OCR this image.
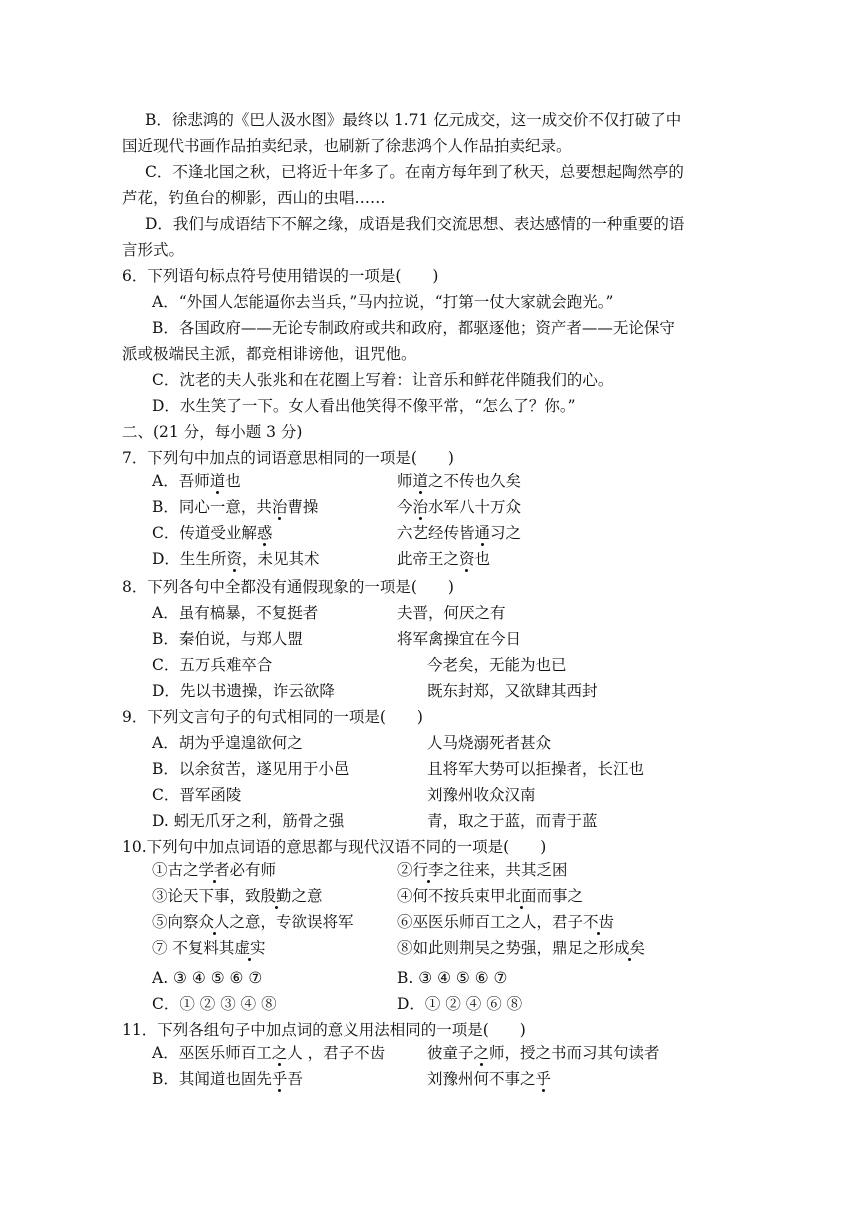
B．徐悲鸿的《巴人汲水图》最终以 1.71 亿元成交，这一成交价不仅打破了中
国近现代书画作品拍卖纪录，也刷新了徐悲鸿个人作品拍卖纪录。
C．不逢北国之秋，已将近十年多了。在南方每年到了秋天，总要想起陶然亭的
芦花，钓鱼台的柳影，西山的虫唱……
D．我们与成语结下不解之缘，成语是我们交流思想、表达感情的一种重要的语
言形式。
6．下列语句标点符号使用错误的一项是(　　)
A．“外国人怎能逼你去当兵，”马内拉说，“打第一仗大家就会跑光。”
B．各国政府——无论专制政府或共和政府，都驱逐他；资产者——无论保守
派或极端民主派，都竞相诽谤他，诅咒他。
C．沈老的夫人张兆和在花圈上写着：让音乐和鲜花伴随我们的心。
D．水生笑了一下。女人看出他笑得不像平常，“怎么了？你。”
二、(21 分，每小题 3 分)
7．下列句中加点的词语意思相同的一项是(　　)
A．吾师道也	师道之不传也久矣
B．同心一意，共治曹操	今治水军八十万众
C．传道受业解惑	六艺经传皆通习之
D．生生所资，未见其术	此帝王之资也
8．下列各句中全都没有通假现象的一项是(　　)
A．虽有槁暴，不复挺者	夫晋，何厌之有
B．秦伯说，与郑人盟	将军禽操宜在今日
C．五万兵难卒合	今老矣，无能为也已
D．先以书遗操，诈云欲降	既东封郑，又欲肆其西封
9．下列文言句子的句式相同的一项是(　　)
A．胡为乎遑遑欲何之	人马烧溺死者甚众
B．以余贫苦，遂见用于小邑	且将军大势可以拒操者，长江也
C．晋军函陵	刘豫州收众汉南
D. 蚓无爪牙之利，筋骨之强	青，取之于蓝，而青于蓝
10.下列句中加点词语的意思都与现代汉语不同的一项是(　　)
①古之学者必有师	②行李之往来，共其乏困
③论天下事，致殷勤之意	④何不按兵束甲北面而事之
⑤向察众人之意，专欲误将军	⑥巫医乐师百工之人，君子不齿
⑦ 不复料其虚实	⑧如此则荆吴之势强，鼎足之形成矣
A. ③ ④ ⑤ ⑥ ⑦	B. ③ ④ ⑤ ⑥ ⑦
C．① ② ③ ④ ⑧	D．① ② ④ ⑥ ⑧
11．下列各组句子中加点词的意义用法相同的一项是(　　)
A．巫医乐师百工之人 ，君子不齿	彼童子之师，授之书而习其句读者
B．其闻道也固先乎吾	刘豫州何不事之乎
